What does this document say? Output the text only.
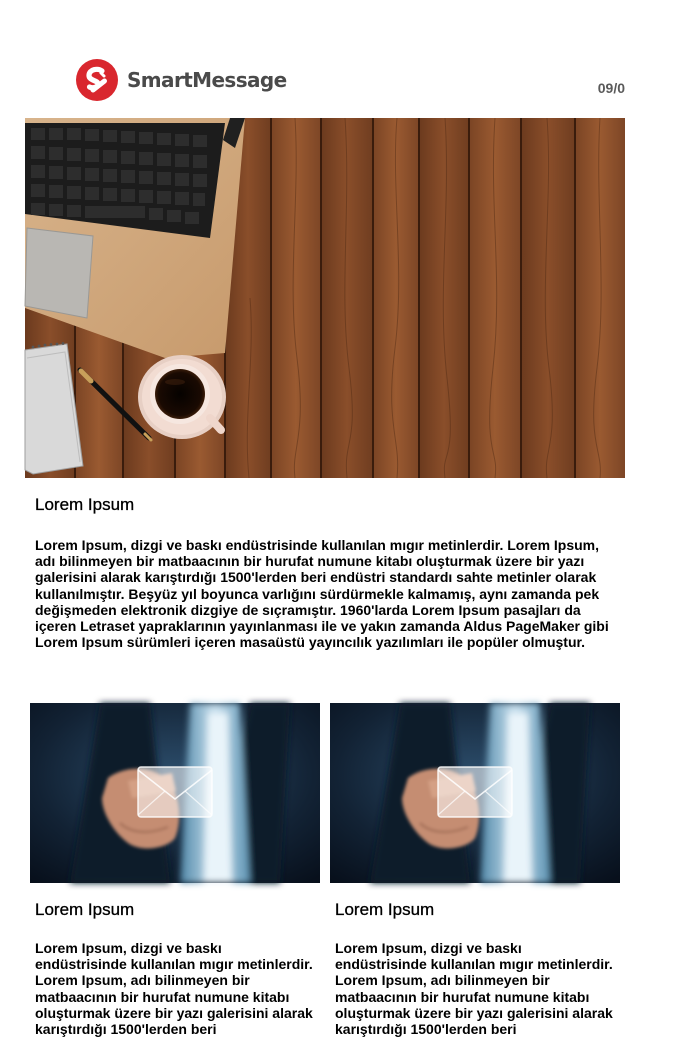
SmartMessage	09/0
Lorem Ipsum

Lorem Ipsum, dizgi ve baskı endüstrisinde kullanılan mıgır metinlerdir. Lorem Ipsum, adı bilinmeyen bir matbaacının bir hurufat numune kitabı oluşturmak üzere bir yazı galerisini alarak karıştırdığı 1500'lerden beri endüstri standardı sahte metinler olarak kullanılmıştır. Beşyüz yıl boyunca varlığını sürdürmekle kalmamış, aynı zamanda pek değişmeden elektronik dizgiye de sıçramıştır. 1960'larda Lorem Ipsum pasajları da içeren Letraset yapraklarının yayınlanması ile ve yakın zamanda Aldus PageMaker gibi Lorem Ipsum sürümleri içeren masaüstü yayıncılık yazılımları ile popüler olmuştur.

Lorem Ipsum

Lorem Ipsum, dizgi ve baskı endüstrisinde kullanılan mıgır metinlerdir. Lorem Ipsum, adı bilinmeyen bir matbaacının bir hurufat numune kitabı oluşturmak üzere bir yazı galerisini alarak karıştırdığı 1500'lerden beri

Lorem Ipsum

Lorem Ipsum, dizgi ve baskı endüstrisinde kullanılan mıgır metinlerdir. Lorem Ipsum, adı bilinmeyen bir matbaacının bir hurufat numune kitabı oluşturmak üzere bir yazı galerisini alarak karıştırdığı 1500'lerden beri
